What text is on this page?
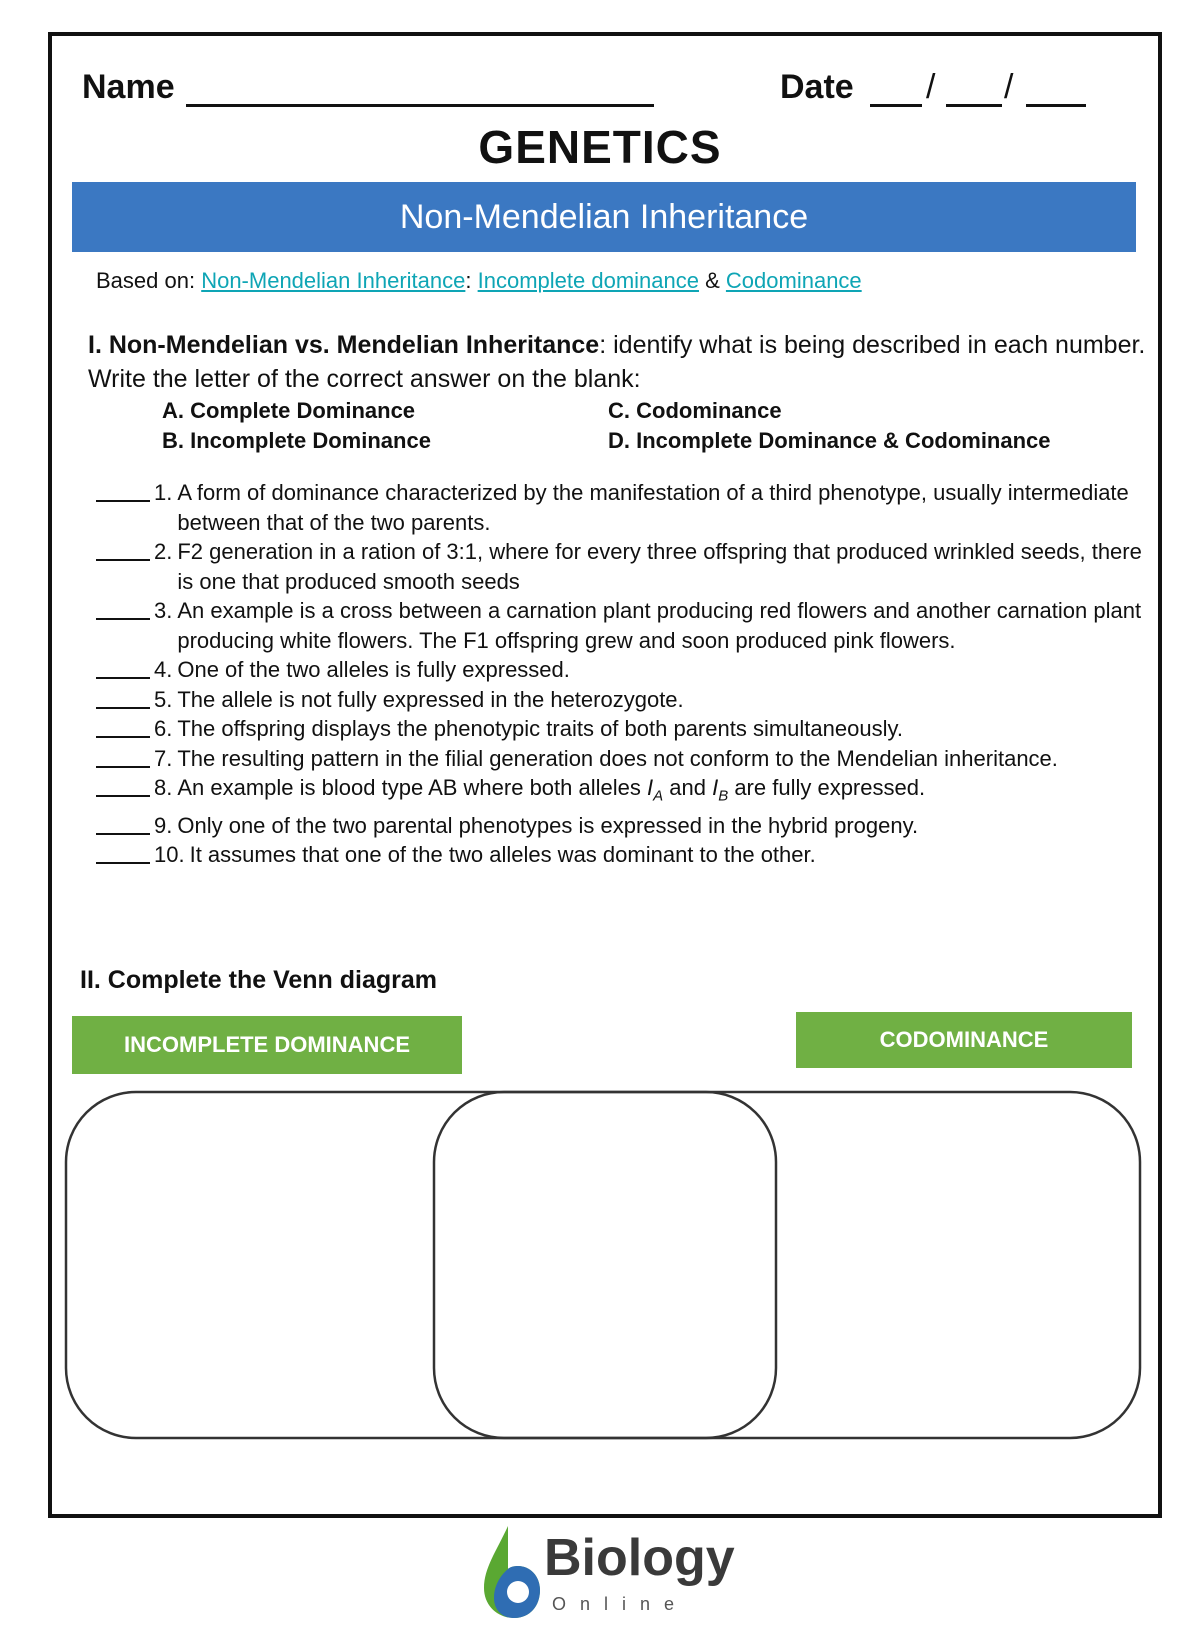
Name	Date / /
GENETICS
Non-Mendelian Inheritance
Based on: Non-Mendelian Inheritance: Incomplete dominance & Codominance
I. Non-Mendelian vs. Mendelian Inheritance: identify what is being described in each number. Write the letter of the correct answer on the blank:
A. Complete Dominance
B. Incomplete Dominance
C. Codominance
D. Incomplete Dominance & Codominance
1. A form of dominance characterized by the manifestation of a third phenotype, usually intermediate between that of the two parents.
2. F2 generation in a ration of 3:1, where for every three offspring that produced wrinkled seeds, there is one that produced smooth seeds
3. An example is a cross between a carnation plant producing red flowers and another carnation plant producing white flowers. The F1 offspring grew and soon produced pink flowers.
4. One of the two alleles is fully expressed.
5. The allele is not fully expressed in the heterozygote.
6. The offspring displays the phenotypic traits of both parents simultaneously.
7. The resulting pattern in the filial generation does not conform to the Mendelian inheritance.
8. An example is blood type AB where both alleles $I_A$ and $I_B$ are fully expressed.
9. Only one of the two parental phenotypes is expressed in the hybrid progeny.
10. It assumes that one of the two alleles was dominant to the other.
II. Complete the Venn diagram
INCOMPLETE DOMINANCE	CODOMINANCE
Biology
Online
